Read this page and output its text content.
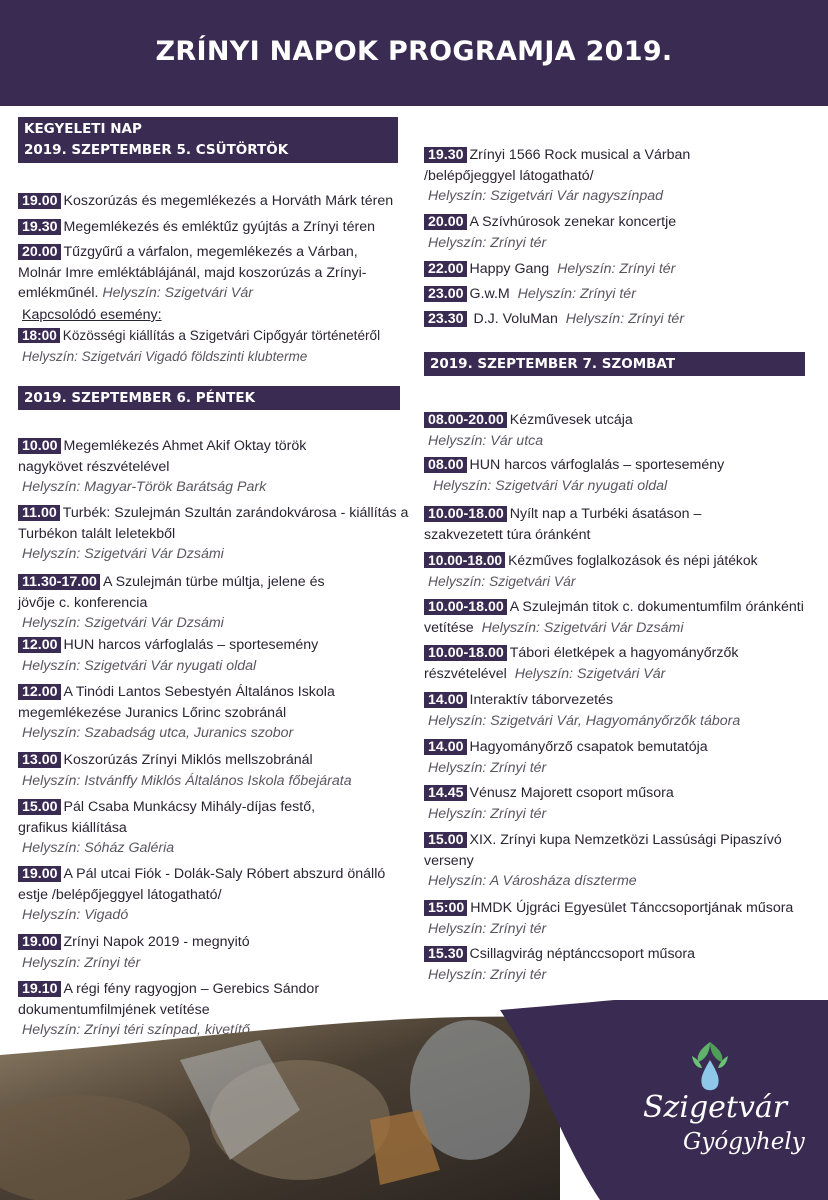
ZRÍNYI NAPOK PROGRAMJA 2019.
KEGYELETI NAP
2019. SZEPTEMBER 5. CSÜTÖRTÖK
19.00 Koszorúzás és megemlékezés a Horváth Márk téren
19.30 Megemlékezés és emléktűz gyújtás a Zrínyi téren
20.00 Tűzgyűrű a várfalon, megemlékezés a Várban, Molnár Imre emléktáblájánál, majd koszorúzás a Zrínyi-emlékműnél. Helyszín: Szigetvári Vár
Kapcsolódó esemény:
18:00 Közösségi kiállítás a Szigetvári Cipőgyár történetéről
Helyszín: Szigetvári Vigadó földszinti klubterme
2019. SZEPTEMBER 6. PÉNTEK
10.00 Megemlékezés Ahmet Akif Oktay török nagykövet részvételével
Helyszín: Magyar-Török Barátság Park
11.00 Turbék: Szulejmán Szultán zarándokvárosa - kiállítás a Turbékon talált leletekből
Helyszín: Szigetvári Vár Dzsámi
11.30-17.00 A Szulejmán türbe múltja, jelene és jövője c. konferencia
Helyszín: Szigetvári Vár Dzsámi
12.00 HUN harcos várfoglalás – sportesemény
Helyszín: Szigetvári Vár nyugati oldal
12.00 A Tinódi Lantos Sebestyén Általános Iskola megemlékezése Juranics Lőrinc szobránál
Helyszín: Szabadság utca, Juranics szobor
13.00 Koszorúzás Zrínyi Miklós mellszobránál
Helyszín: Istvánffy Miklós Általános Iskola főbejárata
15.00 Pál Csaba Munkácsy Mihály-díjas festő, grafikus kiállítása
Helyszín: Sóház Galéria
19.00 A Pál utcai Fiók - Dolák-Saly Róbert abszurd önálló estje /belépőjeggyel látogatható/
Helyszín: Vigadó
19.00 Zrínyi Napok 2019 - megnyitó
Helyszín: Zrínyi tér
19.10 A régi fény ragyogjon – Gerebics Sándor dokumentumfilmjének vetítése
Helyszín: Zrínyi téri színpad, kivetítő
19.30 Zrínyi 1566 Rock musical a Várban /belépőjeggyel látogatható/
Helyszín: Szigetvári Vár nagyszínpad
20.00 A Szívhúrosok zenekar koncertje
Helyszín: Zrínyi tér
22.00 Happy Gang Helyszín: Zrínyi tér
23.00 G.w.M Helyszín: Zrínyi tér
23.30 D.J. VoluMan Helyszín: Zrínyi tér
2019. SZEPTEMBER 7. SZOMBAT
08.00-20.00 Kézművesek utcája
Helyszín: Vár utca
08.00 HUN harcos várfoglalás – sportesemény
Helyszín: Szigetvári Vár nyugati oldal
10.00-18.00 Nyílt nap a Turbéki ásatáson – szakvezetett túra óránként
10.00-18.00 Kézműves foglalkozások és népi játékok
Helyszín: Szigetvári Vár
10.00-18.00 A Szulejmán titok c. dokumentumfilm óránkénti vetítése Helyszín: Szigetvári Vár Dzsámi
10.00-18.00 Tábori életképek a hagyományőrzők részvételével Helyszín: Szigetvári Vár
14.00 Interaktív táborvezetés
Helyszín: Szigetvári Vár, Hagyományőrzők tábora
14.00 Hagyományőrző csapatok bemutatója
Helyszín: Zrínyi tér
14.45 Vénusz Majorett csoport műsora
Helyszín: Zrínyi tér
15.00 XIX. Zrínyi kupa Nemzetközi Lassúsági Pipaszívó verseny
Helyszín: A Városháza díszterme
15:00 HMDK Újgráci Egyesület Tánccsoportjának műsora Helyszín: Zrínyi tér
15.30 Csillagvirág néptánccsoport műsora
Helyszín: Zrínyi tér
Szigetvár
Gyógyhely
